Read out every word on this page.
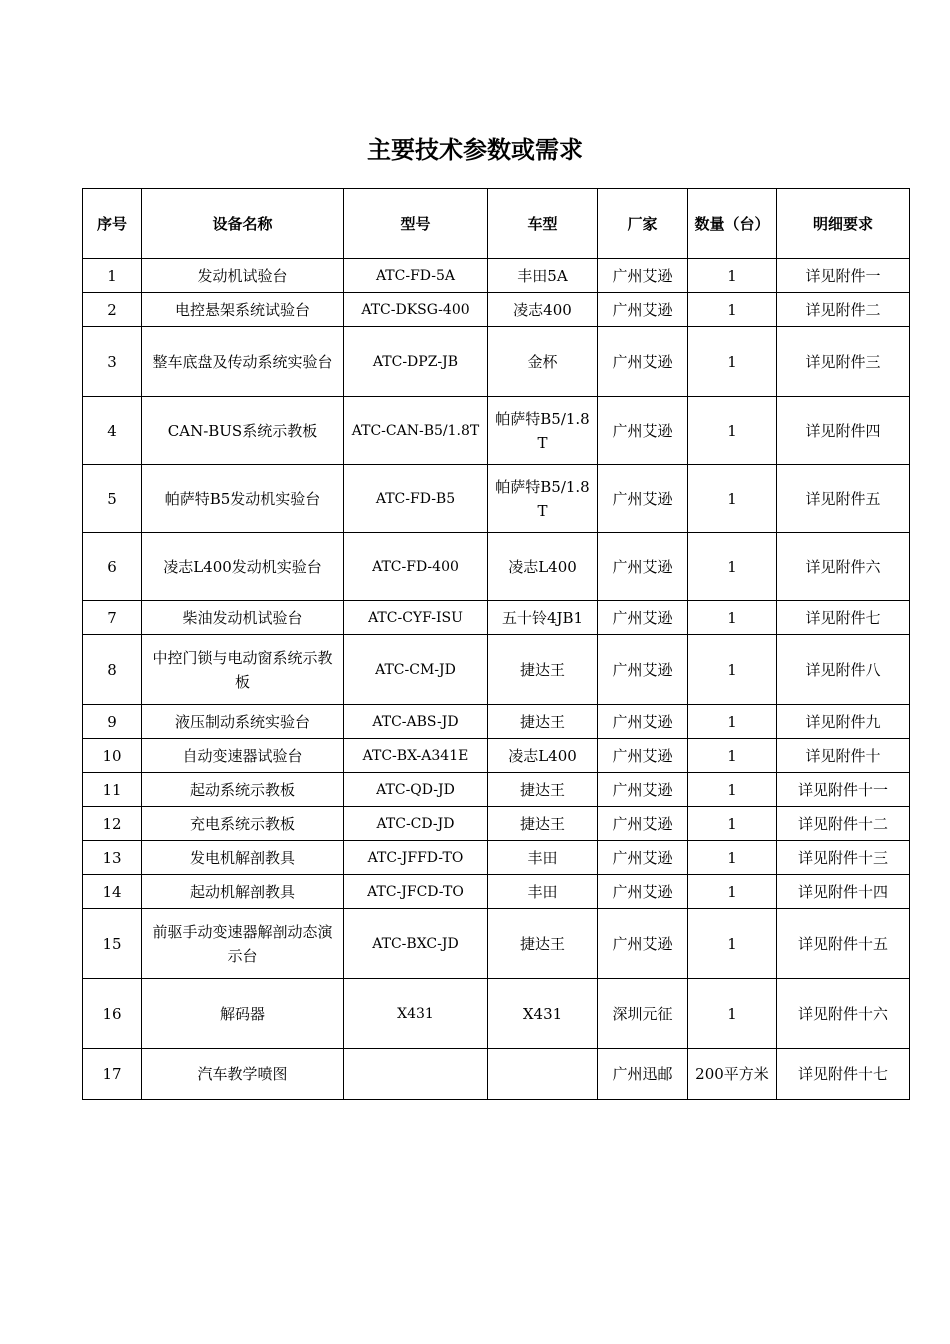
主要技术参数或需求
序号	设备名称	型号	车型	厂家	数量（台）	明细要求
1	发动机试验台	ATC-FD-5A	丰田5A	广州艾逊	1	详见附件一
2	电控悬架系统试验台	ATC-DKSG-400	凌志400	广州艾逊	1	详见附件二
3	整车底盘及传动系统实验台	ATC-DPZ-JB	金杯	广州艾逊	1	详见附件三
4	CAN-BUS系统示教板	ATC-CAN-B5/1.8T	帕萨特B5/1.8T	广州艾逊	1	详见附件四
5	帕萨特B5发动机实验台	ATC-FD-B5	帕萨特B5/1.8T	广州艾逊	1	详见附件五
6	凌志L400发动机实验台	ATC-FD-400	凌志L400	广州艾逊	1	详见附件六
7	柴油发动机试验台	ATC-CYF-ISU	五十铃4JB1	广州艾逊	1	详见附件七
8	中控门锁与电动窗系统示教板	ATC-CM-JD	捷达王	广州艾逊	1	详见附件八
9	液压制动系统实验台	ATC-ABS-JD	捷达王	广州艾逊	1	详见附件九
10	自动变速器试验台	ATC-BX-A341E	凌志L400	广州艾逊	1	详见附件十
11	起动系统示教板	ATC-QD-JD	捷达王	广州艾逊	1	详见附件十一
12	充电系统示教板	ATC-CD-JD	捷达王	广州艾逊	1	详见附件十二
13	发电机解剖教具	ATC-JFFD-TO	丰田	广州艾逊	1	详见附件十三
14	起动机解剖教具	ATC-JFCD-TO	丰田	广州艾逊	1	详见附件十四
15	前驱手动变速器解剖动态演示台	ATC-BXC-JD	捷达王	广州艾逊	1	详见附件十五
16	解码器	X431	X431	深圳元征	1	详见附件十六
17	汽车教学喷图			广州迅邮	200平方米	详见附件十七
